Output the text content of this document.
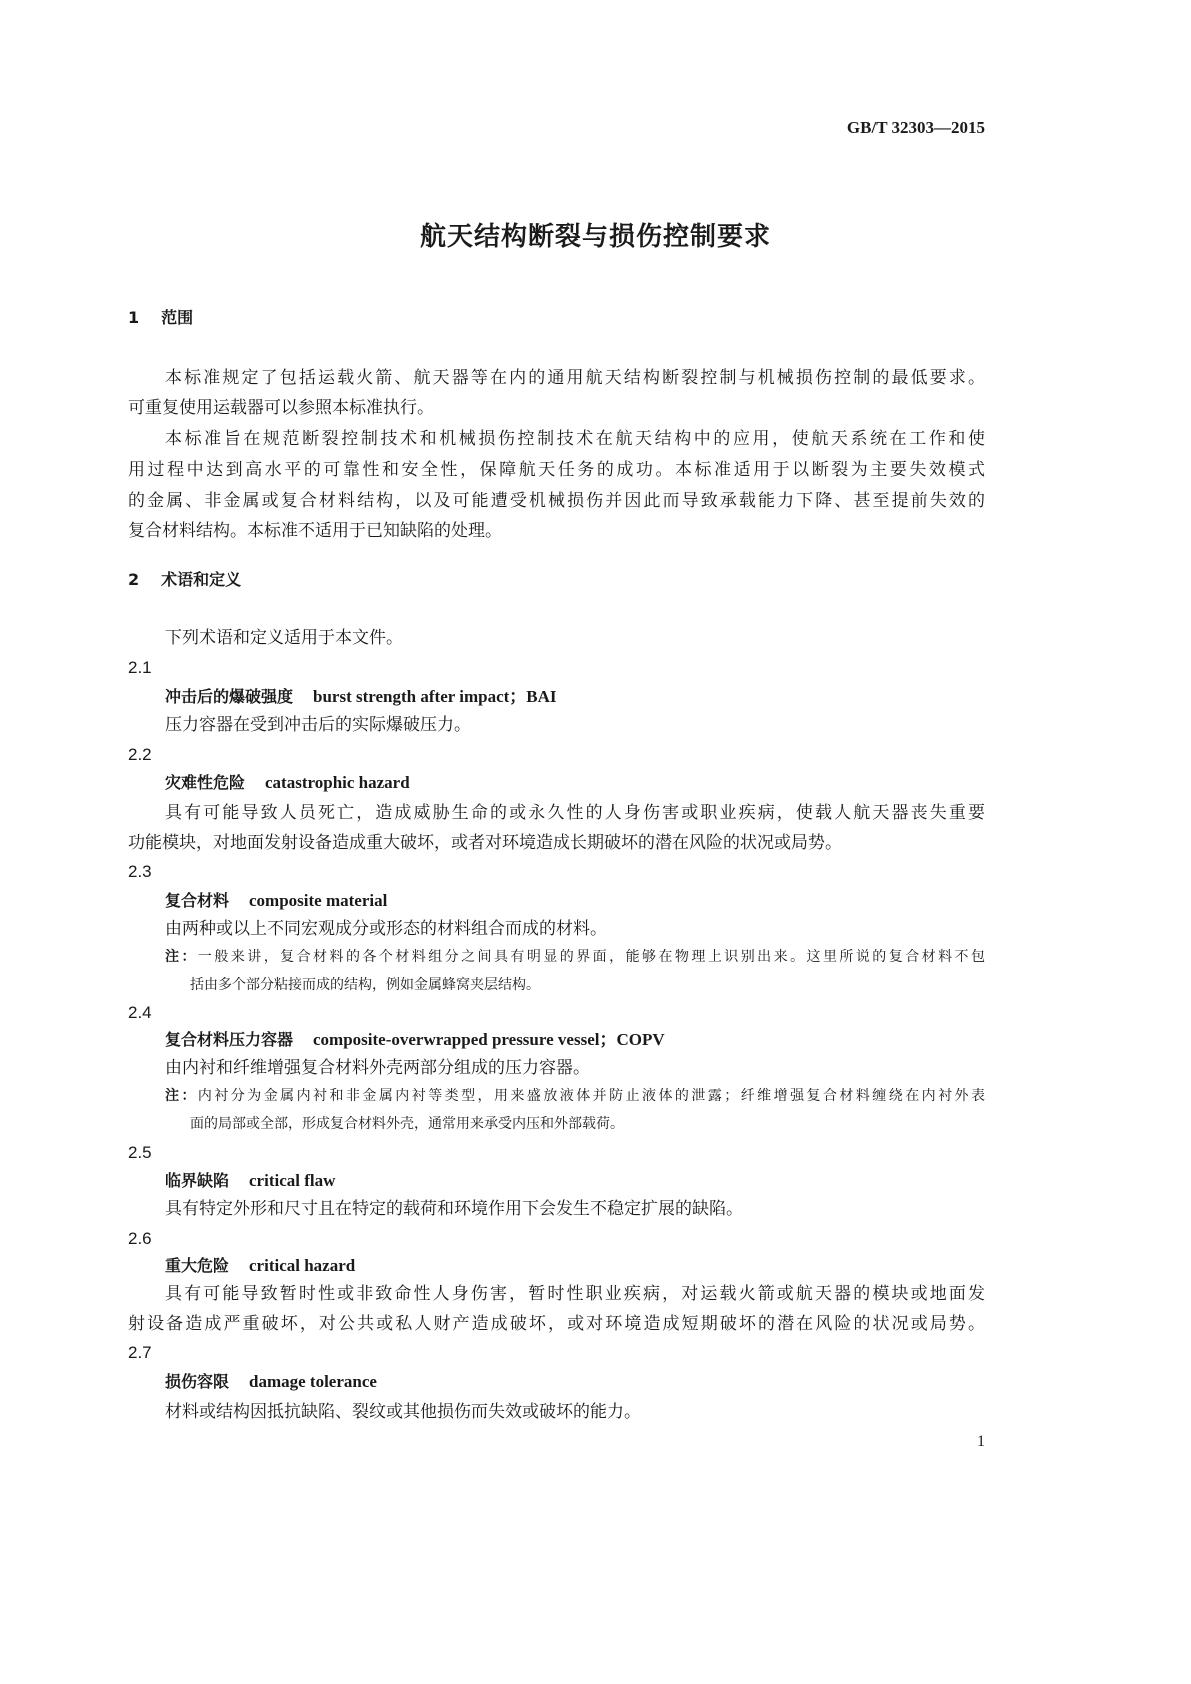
GB/T 32303—2015
航天结构断裂与损伤控制要求
1 范围
本标准规定了包括运载火箭、航天器等在内的通用航天结构断裂控制与机械损伤控制的最低要求。
可重复使用运载器可以参照本标准执行。
本标准旨在规范断裂控制技术和机械损伤控制技术在航天结构中的应用，使航天系统在工作和使
用过程中达到高水平的可靠性和安全性，保障航天任务的成功。本标准适用于以断裂为主要失效模式
的金属、非金属或复合材料结构，以及可能遭受机械损伤并因此而导致承载能力下降、甚至提前失效的
复合材料结构。本标准不适用于已知缺陷的处理。
2 术语和定义
下列术语和定义适用于本文件。
2.1
冲击后的爆破强度 burst strength after impact；BAI
压力容器在受到冲击后的实际爆破压力。
2.2
灾难性危险 catastrophic hazard
具有可能导致人员死亡，造成威胁生命的或永久性的人身伤害或职业疾病，使载人航天器丧失重要
功能模块，对地面发射设备造成重大破坏，或者对环境造成长期破坏的潜在风险的状况或局势。
2.3
复合材料 composite material
由两种或以上不同宏观成分或形态的材料组合而成的材料。
注：一般来讲，复合材料的各个材料组分之间具有明显的界面，能够在物理上识别出来。这里所说的复合材料不包
括由多个部分粘接而成的结构，例如金属蜂窝夹层结构。
2.4
复合材料压力容器 composite-overwrapped pressure vessel；COPV
由内衬和纤维增强复合材料外壳两部分组成的压力容器。
注：内衬分为金属内衬和非金属内衬等类型，用来盛放液体并防止液体的泄露；纤维增强复合材料缠绕在内衬外表
面的局部或全部，形成复合材料外壳，通常用来承受内压和外部载荷。
2.5
临界缺陷 critical flaw
具有特定外形和尺寸且在特定的载荷和环境作用下会发生不稳定扩展的缺陷。
2.6
重大危险 critical hazard
具有可能导致暂时性或非致命性人身伤害，暂时性职业疾病，对运载火箭或航天器的模块或地面发
射设备造成严重破坏，对公共或私人财产造成破坏，或对环境造成短期破坏的潜在风险的状况或局势。
2.7
损伤容限 damage tolerance
材料或结构因抵抗缺陷、裂纹或其他损伤而失效或破坏的能力。
1
